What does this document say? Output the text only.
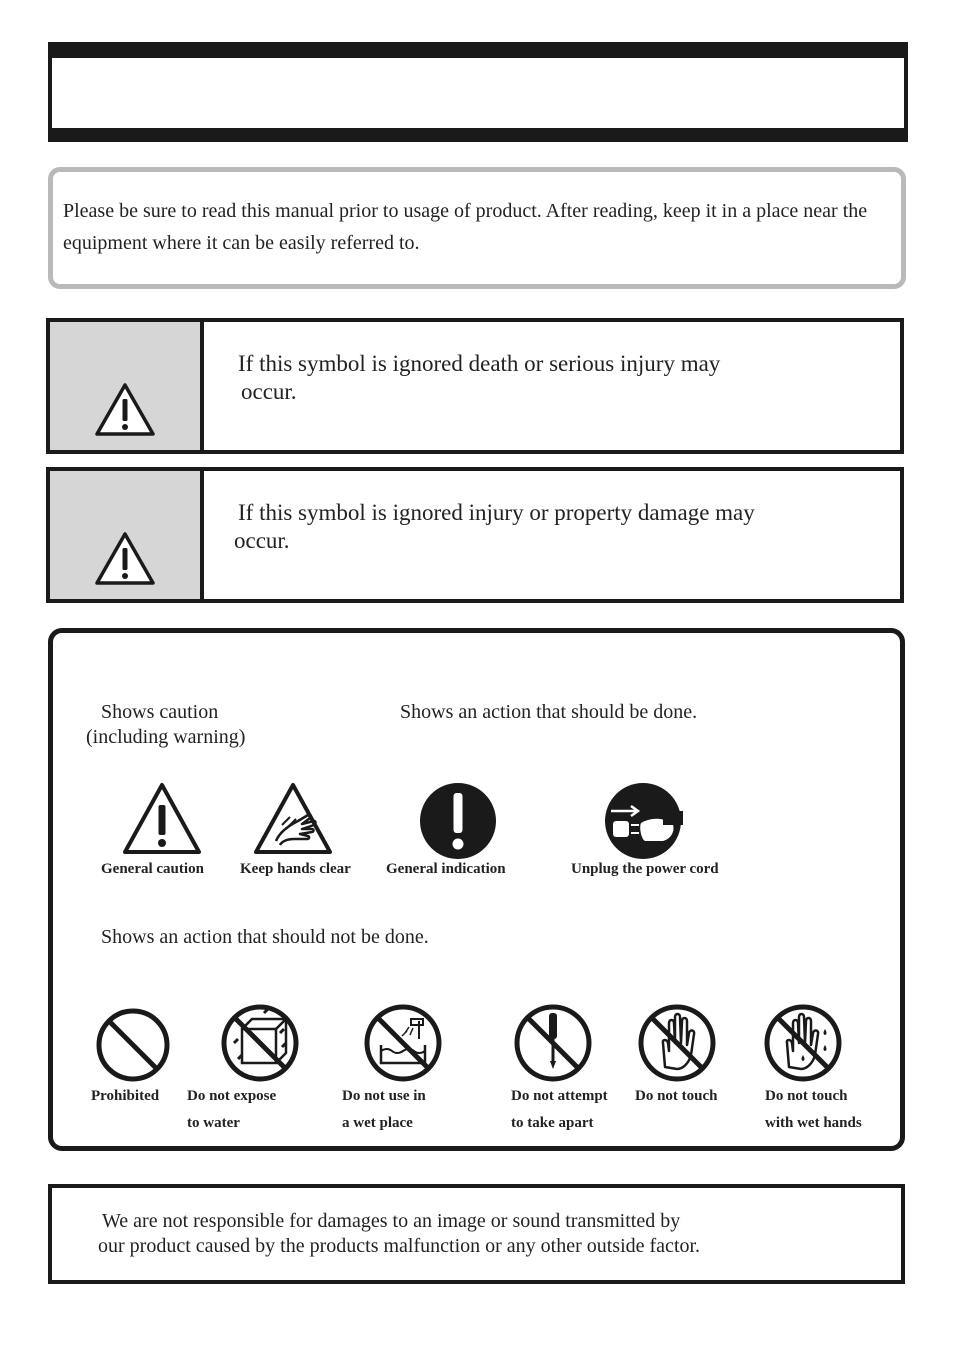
Please be sure to read this manual prior to usage of product. After reading, keep it in a place near the equipment where it can be easily referred to.

If this symbol is ignored death or serious injury may
occur.
If this symbol is ignored injury or property damage may
occur.
Shows caution
(including warning)
Shows an action that should be done.
General caution Keep hands clear General indication	Unplug the power cord
Shows an action that should not be done.
Prohibited Do not expose
to water
Do not use in
a wet place
Do not attempt
to take apart
Do not touch	Do not touch
with wet hands
We are not responsible for damages to an image or sound transmitted by
our product caused by the products malfunction or any other outside factor.
